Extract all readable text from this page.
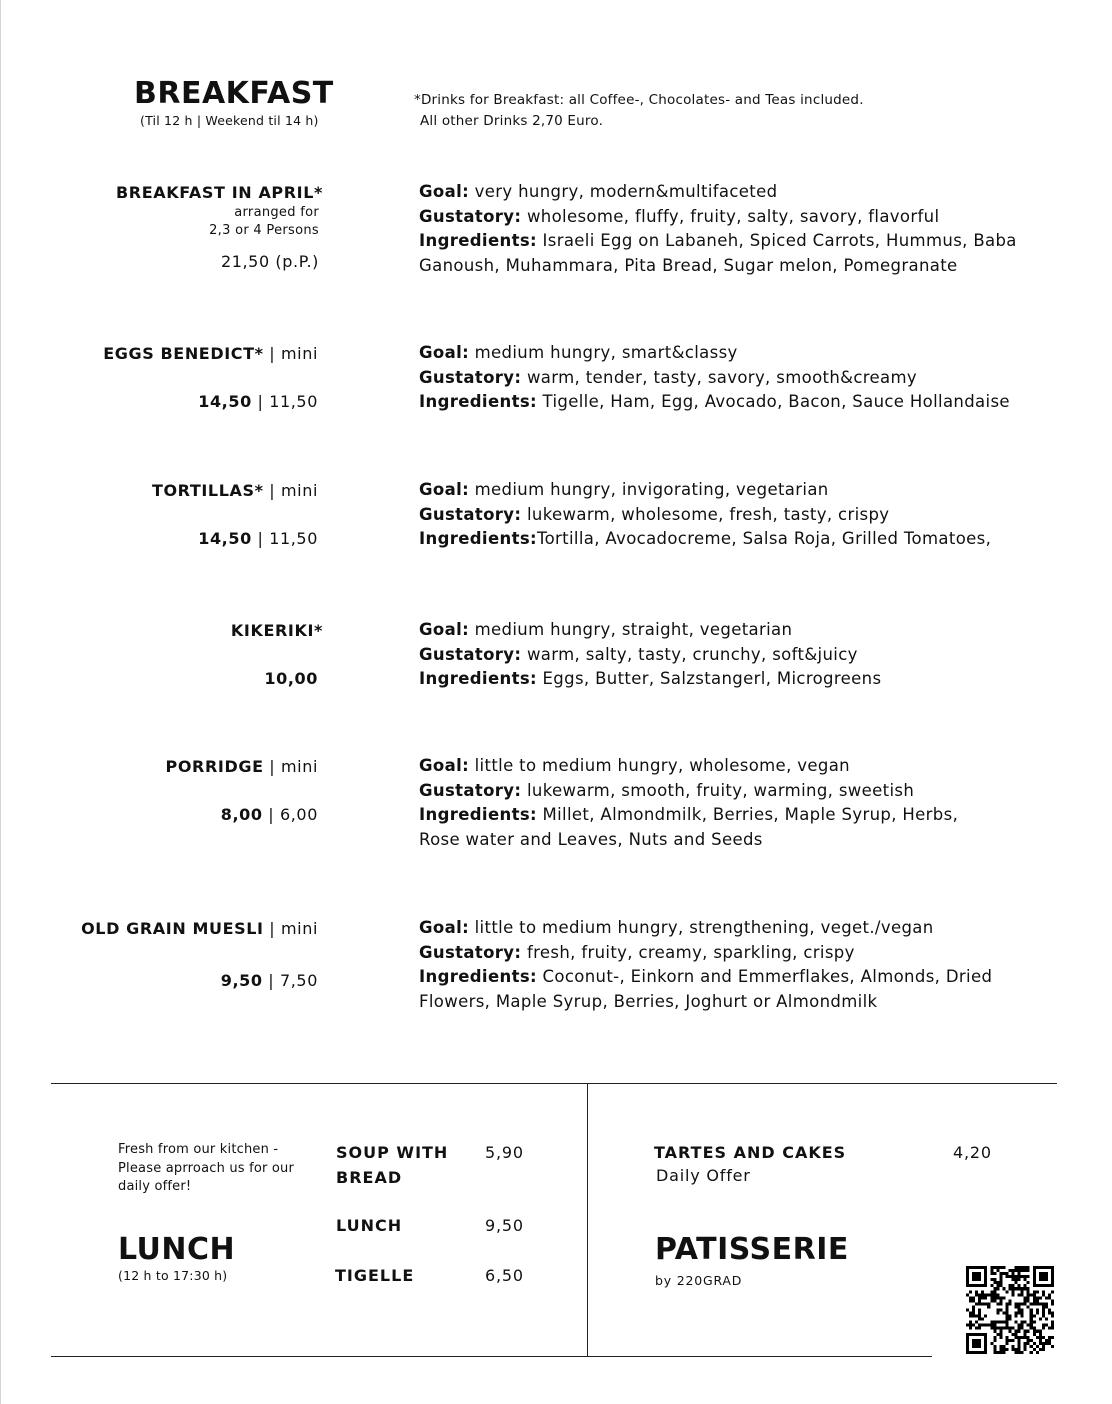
BREAKFAST
(Til 12 h | Weekend til 14 h)
*Drinks for Breakfast: all Coffee-, Chocolates- and Teas included.
All other Drinks 2,70 Euro.
BREAKFAST IN APRIL*
arranged for
2,3 or 4 Persons
21,50 (p.P.)
Goal: very hungry, modern&multifaceted
Gustatory: wholesome, fluffy, fruity, salty, savory, flavorful
Ingredients: Israeli Egg on Labaneh, Spiced Carrots, Hummus, Baba
Ganoush, Muhammara, Pita Bread, Sugar melon, Pomegranate
EGGS BENEDICT* | mini
14,50 | 11,50
Goal: medium hungry, smart&classy
Gustatory: warm, tender, tasty, savory, smooth&creamy
Ingredients: Tigelle, Ham, Egg, Avocado, Bacon, Sauce Hollandaise
TORTILLAS* | mini
14,50 | 11,50
Goal: medium hungry, invigorating, vegetarian
Gustatory: lukewarm, wholesome, fresh, tasty, crispy
Ingredients:Tortilla, Avocadocreme, Salsa Roja, Grilled Tomatoes,
KIKERIKI*
10,00
Goal: medium hungry, straight, vegetarian
Gustatory: warm, salty, tasty, crunchy, soft&juicy
Ingredients: Eggs, Butter, Salzstangerl, Microgreens
PORRIDGE | mini
8,00 | 6,00
Goal: little to medium hungry, wholesome, vegan
Gustatory: lukewarm, smooth, fruity, warming, sweetish
Ingredients: Millet, Almondmilk, Berries, Maple Syrup, Herbs,
Rose water and Leaves, Nuts and Seeds
OLD GRAIN MUESLI | mini
9,50 | 7,50
Goal: little to medium hungry, strengthening, veget./vegan
Gustatory: fresh, fruity, creamy, sparkling, crispy
Ingredients: Coconut-, Einkorn and Emmerflakes, Almonds, Dried
Flowers, Maple Syrup, Berries, Joghurt or Almondmilk
Fresh from our kitchen -
Please aprroach us for our
daily offer!
LUNCH
(12 h to 17:30 h)
SOUP WITH
BREAD
5,90
LUNCH	9,50
TIGELLE	6,50
TARTES AND CAKES
Daily Offer
4,20
PATISSERIE
by 220GRAD
